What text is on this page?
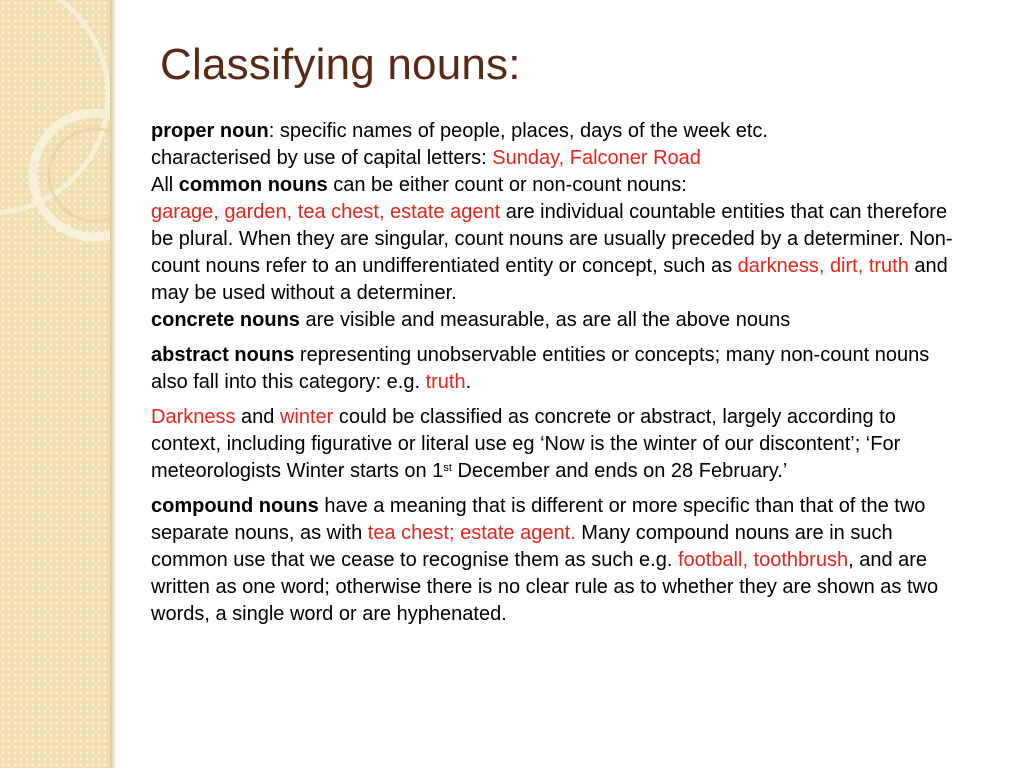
Classifying nouns:

proper noun: specific names of people, places, days of the week etc.
characterised by use of capital letters: Sunday, Falconer Road
All common nouns can be either count or non-count nouns:
garage, garden, tea chest, estate agent are individual countable entities that can therefore be plural. When they are singular, count nouns are usually preceded by a determiner. Non-count nouns refer to an undifferentiated entity or concept, such as darkness, dirt, truth and may be used without a determiner.
concrete nouns are visible and measurable, as are all the above nouns

abstract nouns representing unobservable entities or concepts; many non-count nouns also fall into this category: e.g. truth.

Darkness and winter could be classified as concrete or abstract, largely according to context, including figurative or literal use eg ‘Now is the winter of our discontent’; ‘For meteorologists Winter starts on 1st December and ends on 28 February.’

compound nouns have a meaning that is different or more specific than that of the two separate nouns, as with tea chest; estate agent. Many compound nouns are in such common use that we cease to recognise them as such e.g. football, toothbrush, and are written as one word; otherwise there is no clear rule as to whether they are shown as two words, a single word or are hyphenated.
